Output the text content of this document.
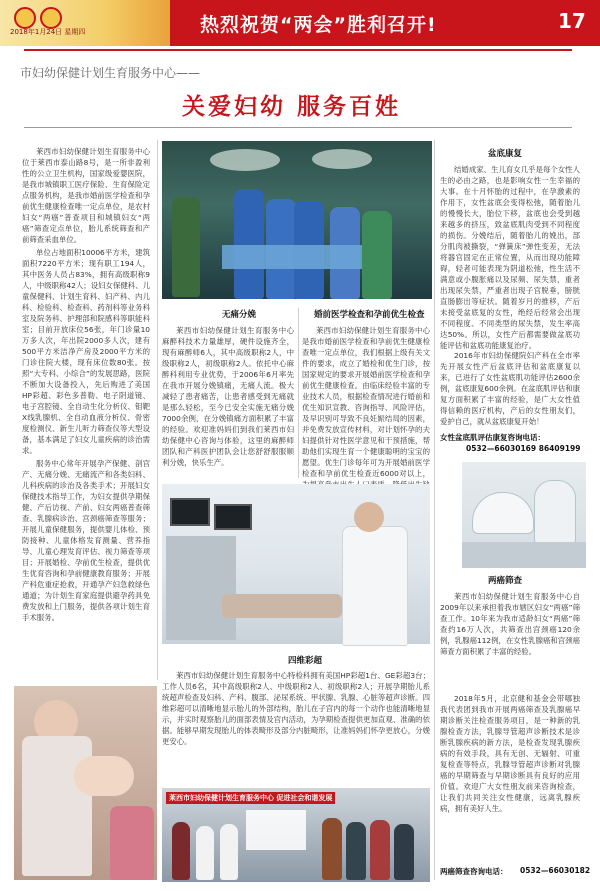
2018年1月24日 星期四	热烈祝贺“两会”胜利召开!	17
市妇幼保健计划生育服务中心——
关爱妇幼 服务百姓

莱西市妇幼保健计划生育服务中心位于莱西市泰山路8号，是一所非盈利性的公立卫生机构，国家级爱婴医院，是我市城镇职工医疗保险、生育保险定点服务机构，是我市婚前医学检查和孕前优生健康检查唯一定点单位，是农村妇女“两癌”普查项目和城镇妇女“两癌”筛查定点单位，胎儿系统筛查和产前筛查采血单位。

单位占地面积10006平方米，建筑面积7220平方米；现有职工194人，其中医务人员占83%，拥有高级职称9人，中级职称42人；设妇女保健科、儿童保健科、计划生育科、妇产科、内儿科、检验科、检查科、药剂科等业务科室及院务科、护理部和院感科等职能科室；目前开放床位56张，年门诊量10万多人次，年出院2000多人次，建有500平方米洁净产房及2000平方米的门诊住院大楼，现有床位数80张。按照“大专科、小综合”的发展思路，医院不断加大设备投入，先后购进了美国HP彩超、彩色多普勒、电子阴道镜、电子宫腔镜、全自动生化分析仪、钼靶X线乳腺机、全自动血液分析仪、骨密度检测仪、新生儿听力筛查仪等大型设备，基本满足了妇女儿童疾病的诊治需求。

服务中心常年开展孕产保健、剖宫产、无痛分娩、无痛流产和各类妇科、儿科疾病的诊治及各类手术；开展妇女保健技术指导工作，为妇女提供孕期保健、产后访视、产前、妇女两癌普查筛查、乳腺病诊治、宫颈癌筛查等服务；开展儿童保健服务，提供婴儿体检、预防接种、儿童体格发育测量、营养指导、儿童心理发育评估、视力筛查等项目；开展婚检、孕前优生检查，提供优生优育咨询和孕前健康教育服务；开展产科危重症抢救，开通孕产妇急救绿色通道；为计划生育家庭提供避孕药具免费发放和上门服务，提供各项计划生育手术服务。

无痛分娩
莱西市妇幼保健计划生育服务中心麻醉科技术力量雄厚，硬件设施齐全，现有麻醉师6人，其中高级职称2人，中级职称2人，初级职称2人。依托中心麻醉科利用专业优势，于2006年6月率先在我市开展分娩镇痛，无痛人流。极大减轻了患者痛苦，让患者感受到无痛就是那么轻松，至今已安全实施无痛分娩7000余例，在分娩镇痛方面积累了丰富的经验。欢迎准妈妈们到我们莱西市妇幼保健中心咨询与体验，这里的麻醉师团队和产科医护团队会让您舒舒服服顺利分娩，快乐生产。
婚前医学检查和孕前优生检查
莱西市妇幼保健计划生育服务中心是我市婚前医学检查和孕前优生健康检查唯一定点单位，我们根据上级有关文件的要求，成立了婚检和优生门诊，按国家规定的要求开展婚前医学检查和孕前优生健康检查。由临床经验丰富的专业技术人员，根据检查情况进行婚前和优生知识宣教、咨询指导、风险评估，及早识别可导致不良妊娠结局的因素，并免费发放宣传材料，对计划怀孕的夫妇提供针对性医学意见和干预措施，帮助他们实现生育一个健康聪明的宝宝的愿望。优生门诊每年可为开展婚前医学检查和孕前优生检查近6000对以上，
盆底康复
结婚成家、生儿育女几乎是每个女性人生的必由之路，也是影响女性一生幸福的大事。在十月怀胎的过程中，在孕激素的作用下，女性盆底会变得松弛，随着胎儿的慢慢长大，胎位下移，盆底也会受到越来越多的挤压，致盆底肌肉受到不同程度的损伤。分娩结后，随着胎儿的娩出，部分肌肉被撕裂，“弹簧床”弹性变差，无法将器官固定在正常位置，从而出现功能障碍，轻者可能表现为阴道松弛，性生活不满意或小腹胀痛以及尿频、尿失禁，重者出现尿失禁，严重者出现子宫脱垂，膀胱直肠膨出等症状。随着岁月的推移，产后未接受盆底复的女性，绝经后经常会出现不同程度、不同类型的尿失禁，发生率高达50%。所以，女性产后都需要做盆底功能评估和盆底功能康复治疗。
2016年市妇幼保健院妇产科在全市率先开展女性产后盆底评估和盆底康复以来，已进行了女性盆底肌功能评估2600余例，盆底康复600余例。在盆底肌评估和康复方面积累了丰富的经验，是广大女性值得信赖的医疗机构，产后的女性朋友们，爱护自己，就从盆底康复开始！
女性盆底肌评估康复咨询电话：
0532—66030169 86409199
两癌筛查
莱西市妇幼保健计划生育服务中心自2009年以来承担着我市辖区妇女“两癌”筛查工作。10年来为我市适龄妇女“两癌”筛查约16万人次，共筛查出宫颈癌120余例，乳腺癌112例，在女性乳腺癌和宫颈癌筛查方面积累了丰富的经验。
2018年5月，北京健和基金会带哪独我代表团到我市开展两癌筛查及乳腺癌早期诊断关注检查服务项目，是一种新的乳腺检查方法，乳腺导管超声诊断技术是诊断乳腺疾病的新方法，是检查发现乳腺疾病的有效手段，具有无创、无辐射、可重复检查等特点，乳腺导管超声诊断对乳腺癌的早期筛查与早期诊断具有良好的应用价值。欢迎广大女性朋友前来咨询检查，让我们共同关注女性健康，远离乳腺疾病，拥有美好人生。
两癌筛查咨询电话： 0532—66030182
四维彩超
莱西市妇幼保健计划生育服务中心特检科拥有美国HP彩超1台、GE彩超3台；工作人员6名，其中高级职称2人、中级职称2人、初级职称2人；开展孕期胎儿系统超声检查及妇科、产科、腹部、泌尿系统、甲状腺、乳腺、心脏等超声诊断。四维彩超可以清晰地显示胎儿的外部结构，胎儿在子宫内的每一个动作也能清晰地显示，并实时观察胎儿的面部表情及宫内活动，为孕期检查提供更加直观、准确的依据。能够早期发现胎儿的体表畸形及部分内脏畸形，让准妈妈们怀孕更放心，分娩更安心。
莱西市妇幼保健计划生育服务中心 促进社会和谐发展
